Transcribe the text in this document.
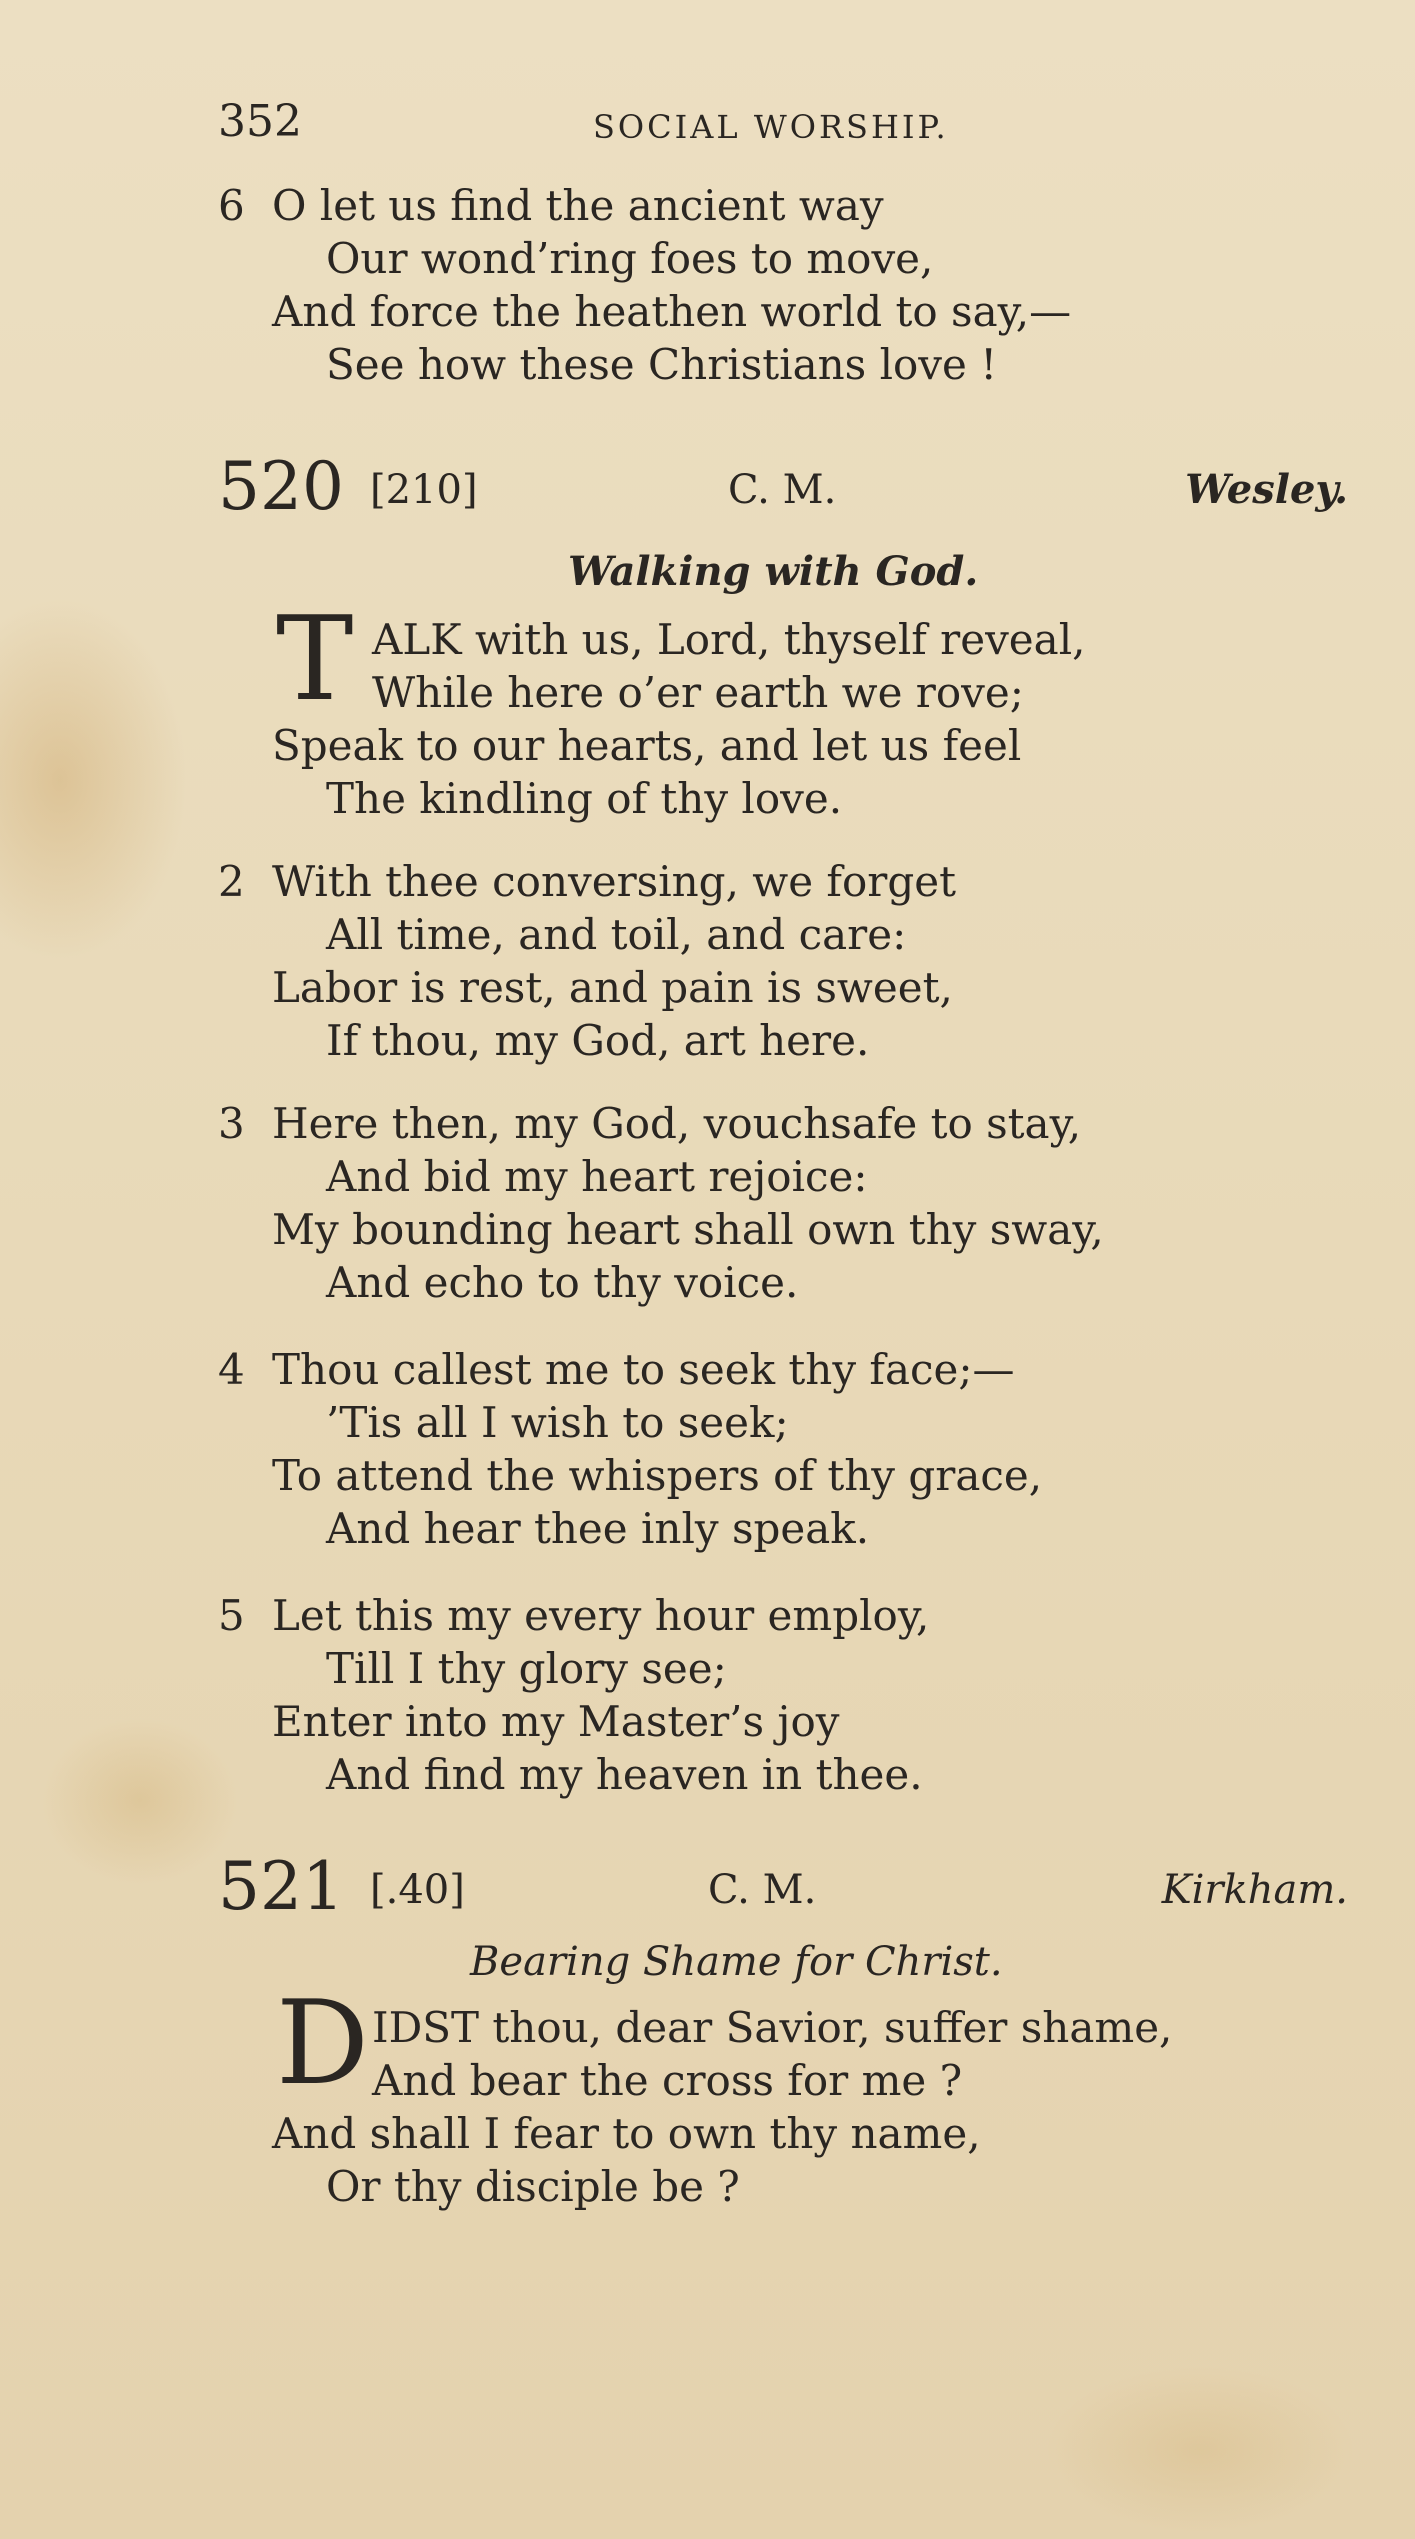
352	SOCIAL WORSHIP.
6 O let us find the ancient way
Our wond’ring foes to move,
And force the heathen world to say,—
See how these Christians love !
520 [210]	C. M.	Wesley.
Walking with God.
T ALK with us, Lord, thyself reveal,
While here o’er earth we rove;
Speak to our hearts, and let us feel
The kindling of thy love.
2 With thee conversing, we forget
All time, and toil, and care:
Labor is rest, and pain is sweet,
If thou, my God, art here.
3 Here then, my God, vouchsafe to stay,
And bid my heart rejoice:
My bounding heart shall own thy sway,
And echo to thy voice.
4 Thou callest me to seek thy face;—
’Tis all I wish to seek;
To attend the whispers of thy grace,
And hear thee inly speak.
5 Let this my every hour employ,
Till I thy glory see;
Enter into my Master’s joy
And find my heaven in thee.
521 [.40]	C. M.	Kirkham.
Bearing Shame for Christ.
D IDST thou, dear Savior, suffer shame,
And bear the cross for me ?
And shall I fear to own thy name,
Or thy disciple be ?
